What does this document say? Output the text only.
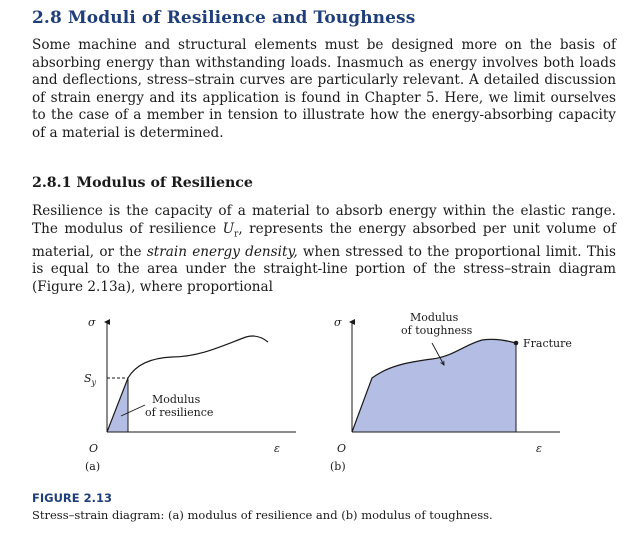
2.8 Moduli of Resilience and Toughness

Some machine and structural elements must be designed more on the basis of absorbing energy than withstanding loads. Inasmuch as energy involves both loads and deflections, stress–strain curves are particularly relevant. A detailed discussion of strain energy and its application is found in Chapter 5. Here, we limit ourselves to the case of a member in tension to illustrate how the energy-absorbing capacity of a material is determined.

2.8.1 Modulus of Resilience

Resilience is the capacity of a material to absorb energy within the elastic range. The modulus of resilience $U_r$, represents the energy absorbed per unit volume of material, or the strain energy density, when stressed to the proportional limit. This is equal to the area under the straight-line portion of the stress–strain diagram (Figure 2.13a), where proportional

σ
$S_y$
O	ε
Modulus
of resilience
(a)
σ
O	ε
Modulus
of toughness
Fracture
(b)

FIGURE 2.13

Stress–strain diagram: (a) modulus of resilience and (b) modulus of toughness.
